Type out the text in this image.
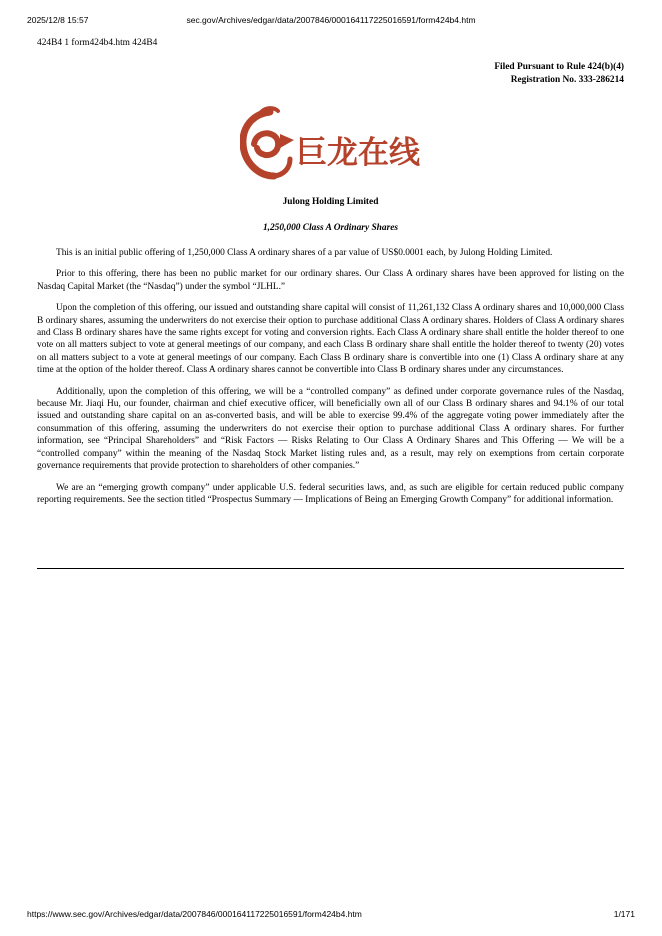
2025/12/8 15:57	sec.gov/Archives/edgar/data/2007846/000164117225016591/form424b4.htm
424B4 1 form424b4.htm 424B4
Filed Pursuant to Rule 424(b)(4)
Registration No. 333-286214
巨龙在线
Julong Holding Limited
1,250,000 Class A Ordinary Shares

This is an initial public offering of 1,250,000 Class A ordinary shares of a par value of US$0.0001 each, by Julong Holding Limited.

Prior to this offering, there has been no public market for our ordinary shares. Our Class A ordinary shares have been approved for listing on the Nasdaq Capital Market (the “Nasdaq”) under the symbol “JLHL.”

Upon the completion of this offering, our issued and outstanding share capital will consist of 11,261,132 Class A ordinary shares and 10,000,000 Class B ordinary shares, assuming the underwriters do not exercise their option to purchase additional Class A ordinary shares. Holders of Class A ordinary shares and Class B ordinary shares have the same rights except for voting and conversion rights. Each Class A ordinary share shall entitle the holder thereof to one vote on all matters subject to vote at general meetings of our company, and each Class B ordinary share shall entitle the holder thereof to twenty (20) votes on all matters subject to a vote at general meetings of our company. Each Class B ordinary share is convertible into one (1) Class A ordinary share at any time at the option of the holder thereof. Class A ordinary shares cannot be convertible into Class B ordinary shares under any circumstances.

Additionally, upon the completion of this offering, we will be a “controlled company” as defined under corporate governance rules of the Nasdaq, because Mr. Jiaqi Hu, our founder, chairman and chief executive officer, will beneficially own all of our Class B ordinary shares and 94.1% of our total issued and outstanding share capital on an as-converted basis, and will be able to exercise 99.4% of the aggregate voting power immediately after the consummation of this offering, assuming the underwriters do not exercise their option to purchase additional Class A ordinary shares. For further information, see “Principal Shareholders” and “Risk Factors — Risks Relating to Our Class A Ordinary Shares and This Offering — We will be a “controlled company” within the meaning of the Nasdaq Stock Market listing rules and, as a result, may rely on exemptions from certain corporate governance requirements that provide protection to shareholders of other companies.”

We are an “emerging growth company” under applicable U.S. federal securities laws, and, as such are eligible for certain reduced public company reporting requirements. See the section titled “Prospectus Summary — Implications of Being an Emerging Growth Company” for additional information.

https://www.sec.gov/Archives/edgar/data/2007846/000164117225016591/form424b4.htm	1/171
